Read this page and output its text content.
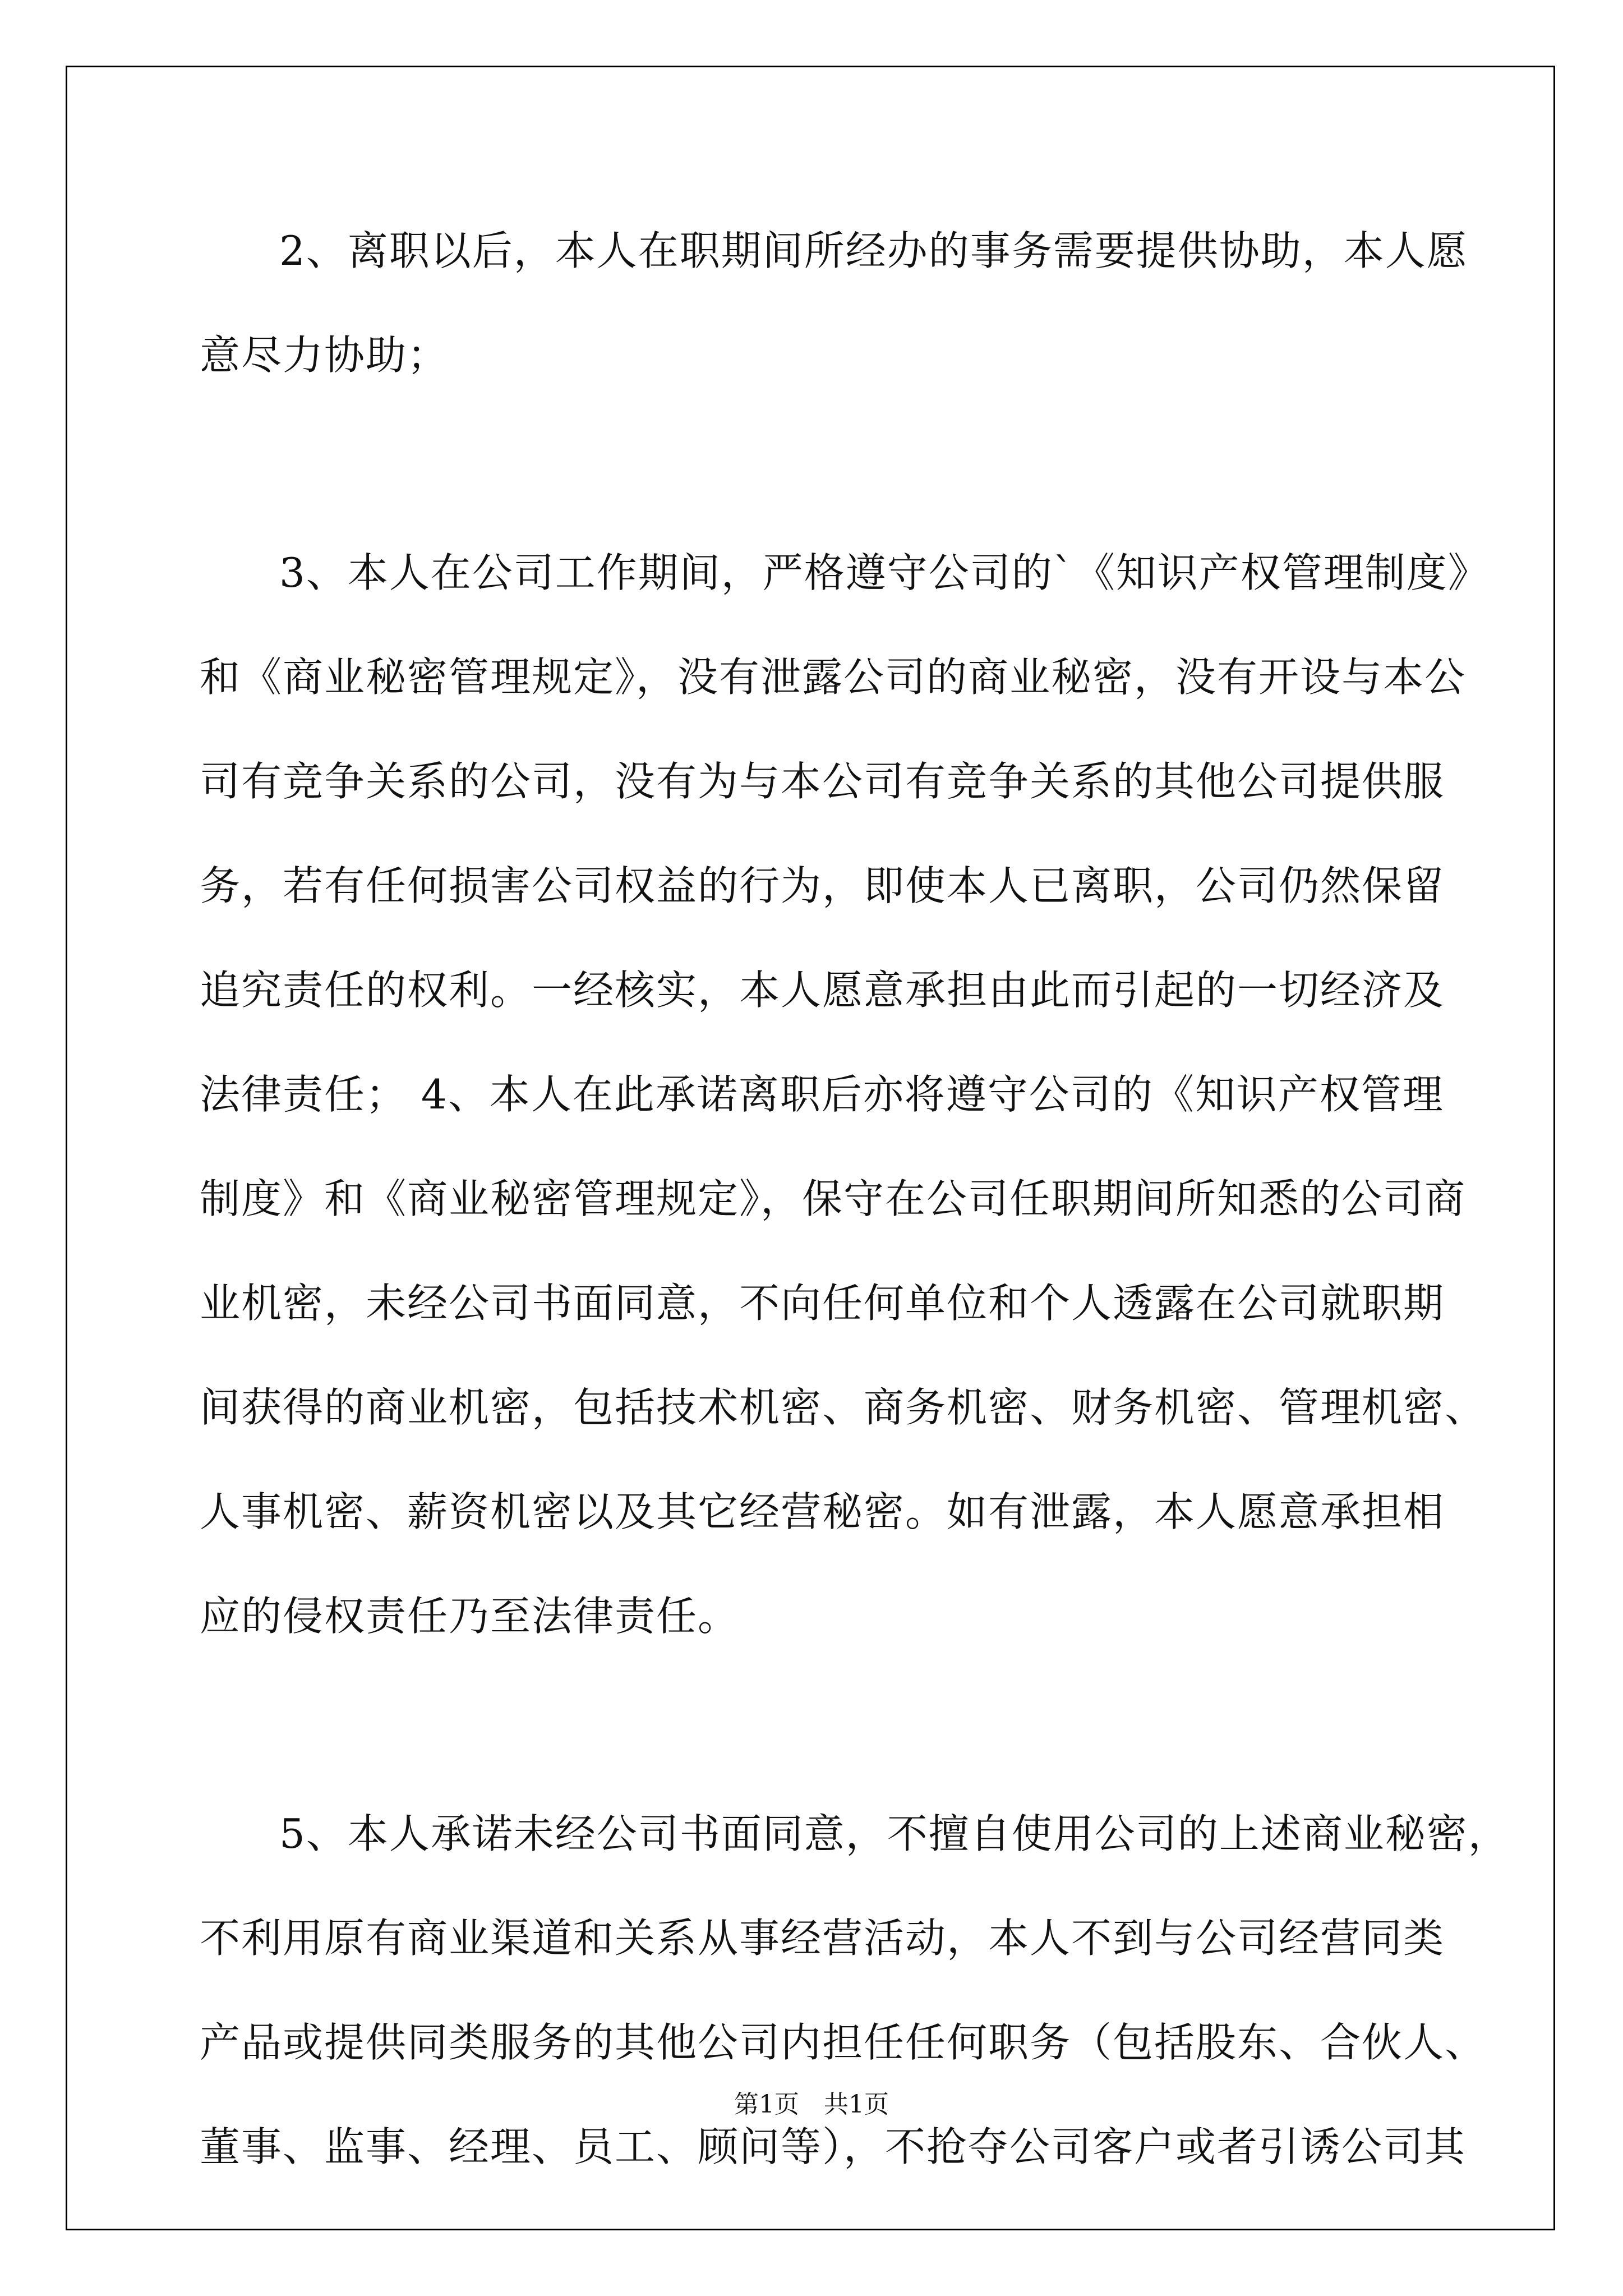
2、离职以后，本人在职期间所经办的事务需要提供协助，本人愿
意尽力协助；
3、本人在公司工作期间，严格遵守公司的`《知识产权管理制度》
和《商业秘密管理规定》，没有泄露公司的商业秘密，没有开设与本公
司有竞争关系的公司，没有为与本公司有竞争关系的其他公司提供服
务，若有任何损害公司权益的行为，即使本人已离职，公司仍然保留
追究责任的权利。一经核实，本人愿意承担由此而引起的一切经济及
法律责任； 4、本人在此承诺离职后亦将遵守公司的《知识产权管理
制度》和《商业秘密管理规定》，保守在公司任职期间所知悉的公司商
业机密，未经公司书面同意，不向任何单位和个人透露在公司就职期
间获得的商业机密，包括技术机密、商务机密、财务机密、管理机密、
人事机密、薪资机密以及其它经营秘密。如有泄露，本人愿意承担相
应的侵权责任乃至法律责任。
5、本人承诺未经公司书面同意，不擅自使用公司的上述商业秘密，
不利用原有商业渠道和关系从事经营活动，本人不到与公司经营同类
产品或提供同类服务的其他公司内担任任何职务（包括股东、合伙人、
董事、监事、经理、员工、顾问等），不抢夺公司客户或者引诱公司其
第1页 共1页
